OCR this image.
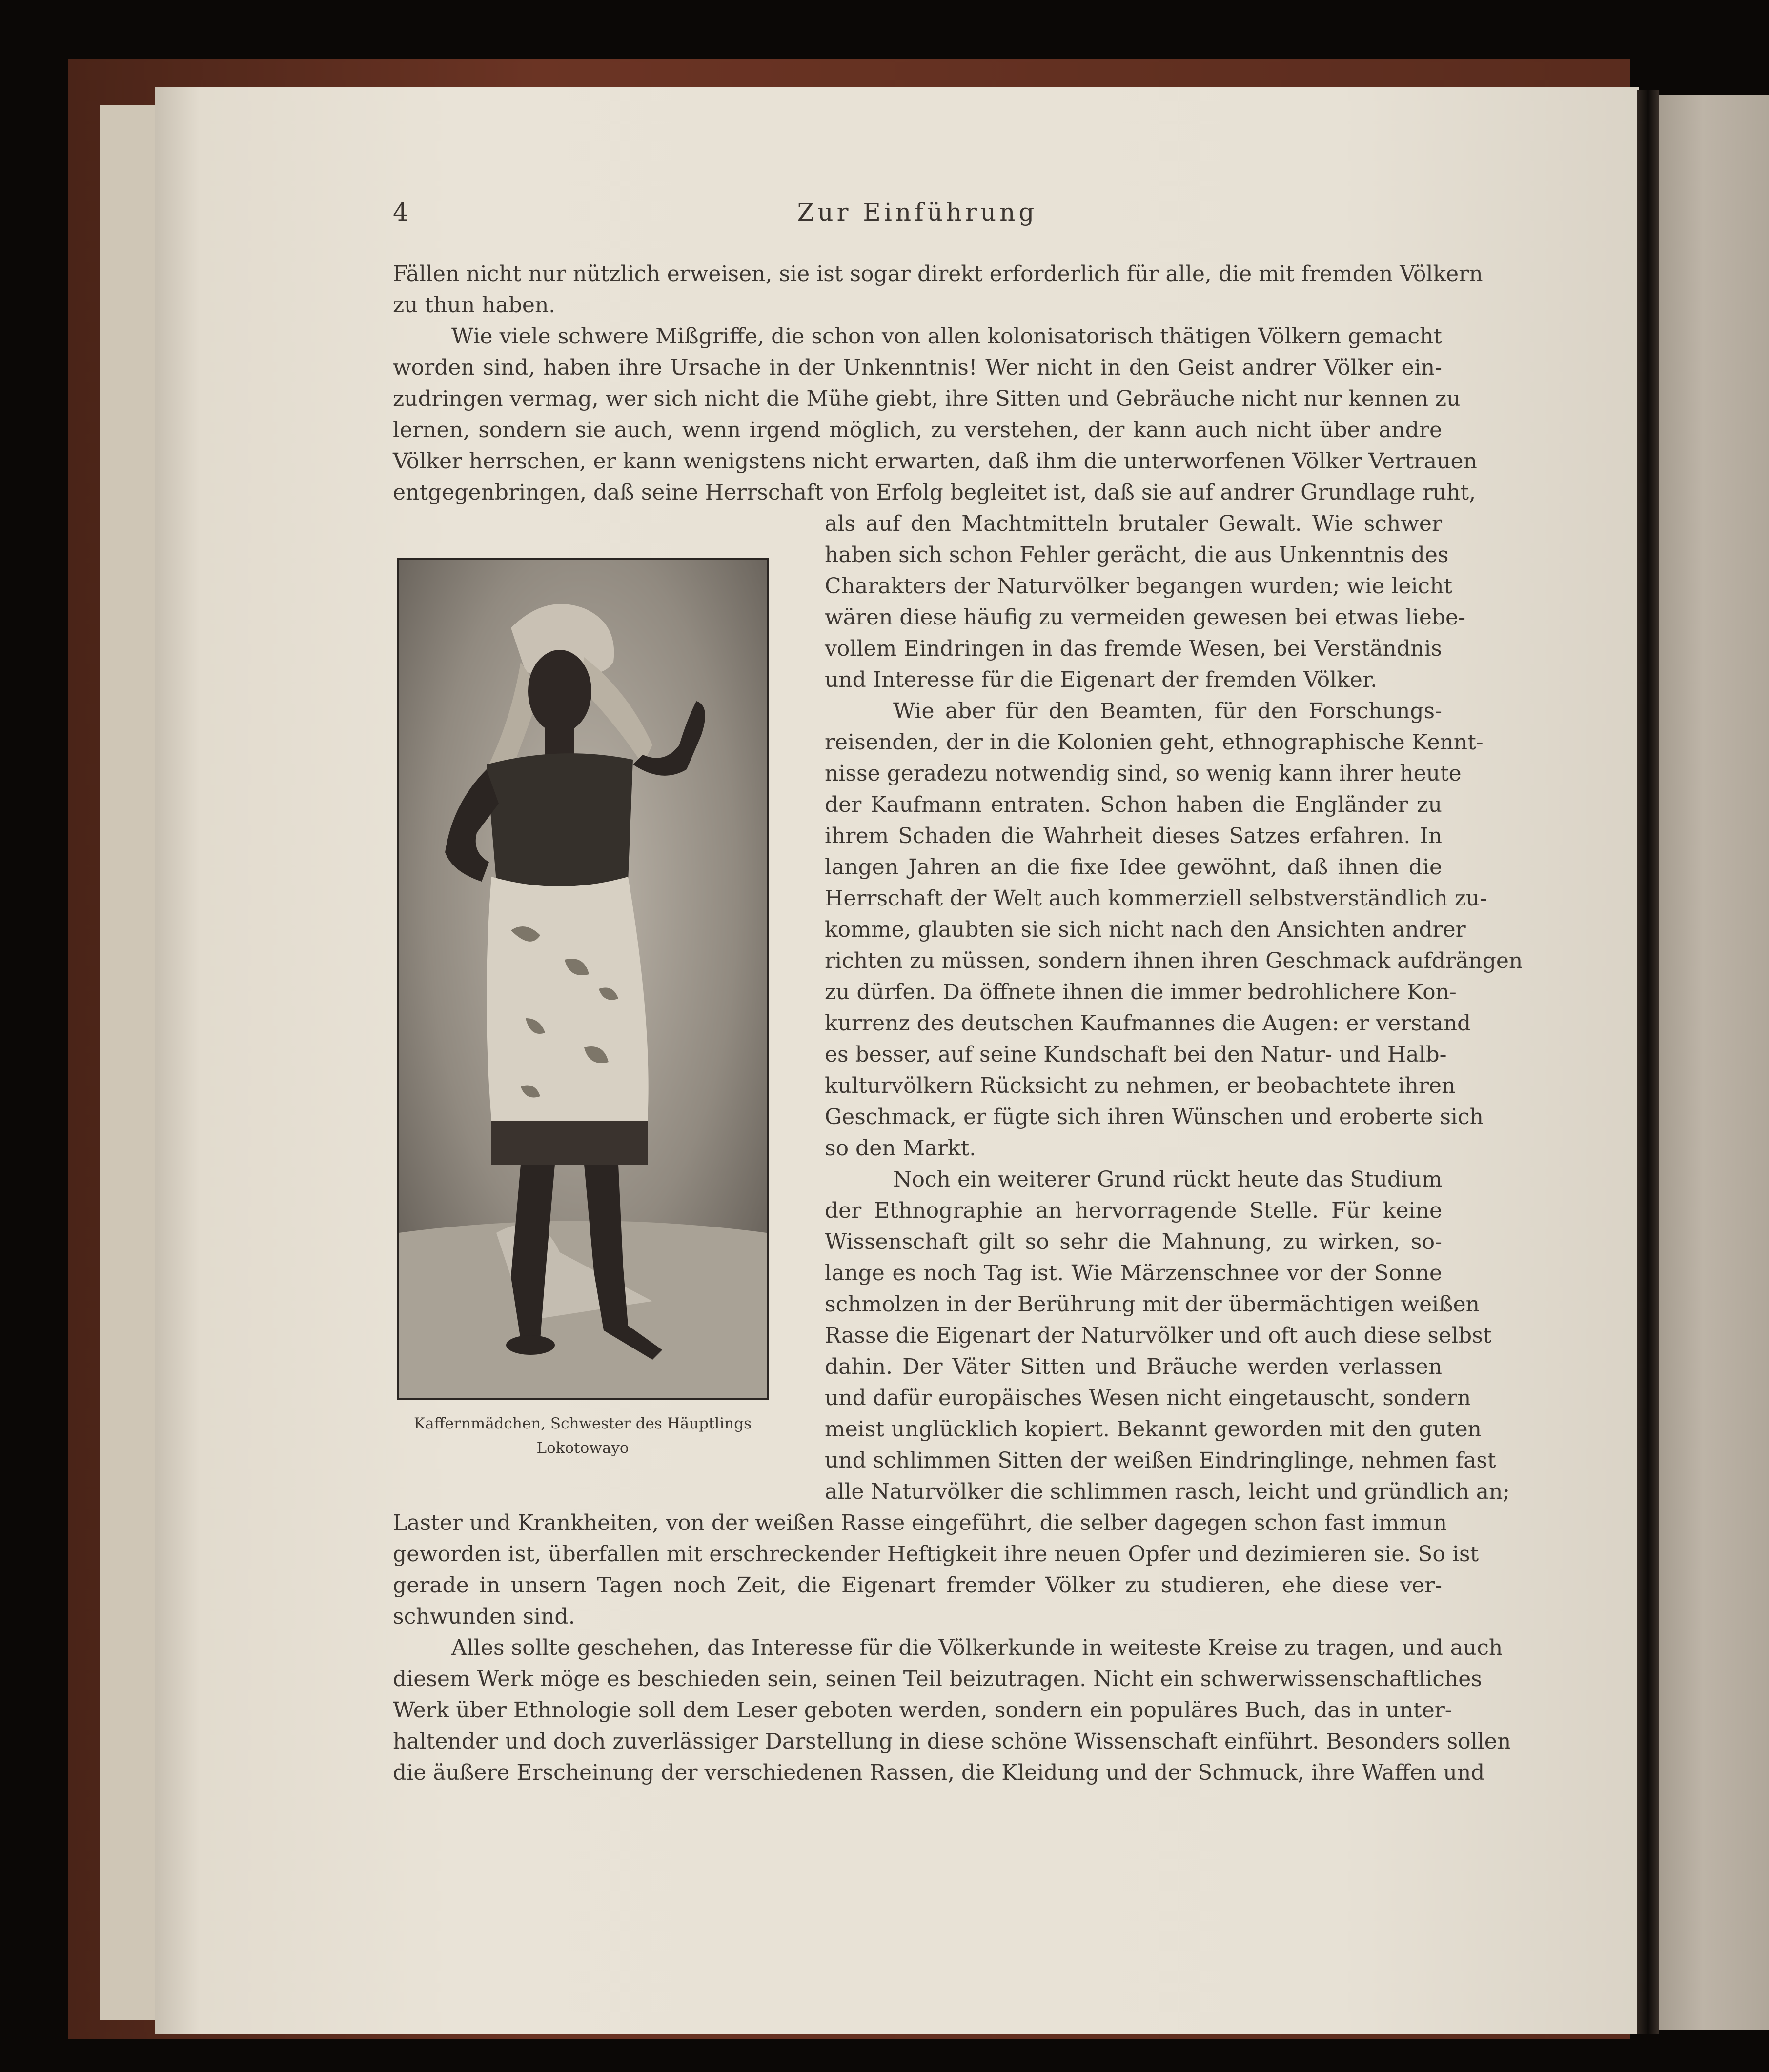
4	Zur Einführung
Kaffernmädchen, Schwester des Häuptlings
Lokotowayo
Fällen nicht nur nützlich erweisen, sie ist sogar direkt erforderlich für alle, die mit fremden Völkern
zu thun haben.
Wie viele schwere Mißgriffe, die schon von allen kolonisatorisch thätigen Völkern gemacht
worden sind, haben ihre Ursache in der Unkenntnis! Wer nicht in den Geist andrer Völker ein-
zudringen vermag, wer sich nicht die Mühe giebt, ihre Sitten und Gebräuche nicht nur kennen zu
lernen, sondern sie auch, wenn irgend möglich, zu verstehen, der kann auch nicht über andre
Völker herrschen, er kann wenigstens nicht erwarten, daß ihm die unterworfenen Völker Vertrauen
entgegenbringen, daß seine Herrschaft von Erfolg begleitet ist, daß sie auf andrer Grundlage ruht,
als auf den Machtmitteln brutaler Gewalt. Wie schwer
haben sich schon Fehler gerächt, die aus Unkenntnis des
Charakters der Naturvölker begangen wurden; wie leicht
wären diese häufig zu vermeiden gewesen bei etwas liebe-
vollem Eindringen in das fremde Wesen, bei Verständnis
und Interesse für die Eigenart der fremden Völker.
Wie aber für den Beamten, für den Forschungs-
reisenden, der in die Kolonien geht, ethnographische Kennt-
nisse geradezu notwendig sind, so wenig kann ihrer heute
der Kaufmann entraten. Schon haben die Engländer zu
ihrem Schaden die Wahrheit dieses Satzes erfahren. In
langen Jahren an die fixe Idee gewöhnt, daß ihnen die
Herrschaft der Welt auch kommerziell selbstverständlich zu-
komme, glaubten sie sich nicht nach den Ansichten andrer
richten zu müssen, sondern ihnen ihren Geschmack aufdrängen
zu dürfen. Da öffnete ihnen die immer bedrohlichere Kon-
kurrenz des deutschen Kaufmannes die Augen: er verstand
es besser, auf seine Kundschaft bei den Natur- und Halb-
kulturvölkern Rücksicht zu nehmen, er beobachtete ihren
Geschmack, er fügte sich ihren Wünschen und eroberte sich
so den Markt.
Noch ein weiterer Grund rückt heute das Studium
der Ethnographie an hervorragende Stelle. Für keine
Wissenschaft gilt so sehr die Mahnung, zu wirken, so-
lange es noch Tag ist. Wie Märzenschnee vor der Sonne
schmolzen in der Berührung mit der übermächtigen weißen
Rasse die Eigenart der Naturvölker und oft auch diese selbst
dahin. Der Väter Sitten und Bräuche werden verlassen
und dafür europäisches Wesen nicht eingetauscht, sondern
meist unglücklich kopiert. Bekannt geworden mit den guten
und schlimmen Sitten der weißen Eindringlinge, nehmen fast
alle Naturvölker die schlimmen rasch, leicht und gründlich an;
Laster und Krankheiten, von der weißen Rasse eingeführt, die selber dagegen schon fast immun
geworden ist, überfallen mit erschreckender Heftigkeit ihre neuen Opfer und dezimieren sie. So ist
gerade in unsern Tagen noch Zeit, die Eigenart fremder Völker zu studieren, ehe diese ver-
schwunden sind.
Alles sollte geschehen, das Interesse für die Völkerkunde in weiteste Kreise zu tragen, und auch
diesem Werk möge es beschieden sein, seinen Teil beizutragen. Nicht ein schwerwissenschaftliches
Werk über Ethnologie soll dem Leser geboten werden, sondern ein populäres Buch, das in unter-
haltender und doch zuverlässiger Darstellung in diese schöne Wissenschaft einführt. Besonders sollen
die äußere Erscheinung der verschiedenen Rassen, die Kleidung und der Schmuck, ihre Waffen und
